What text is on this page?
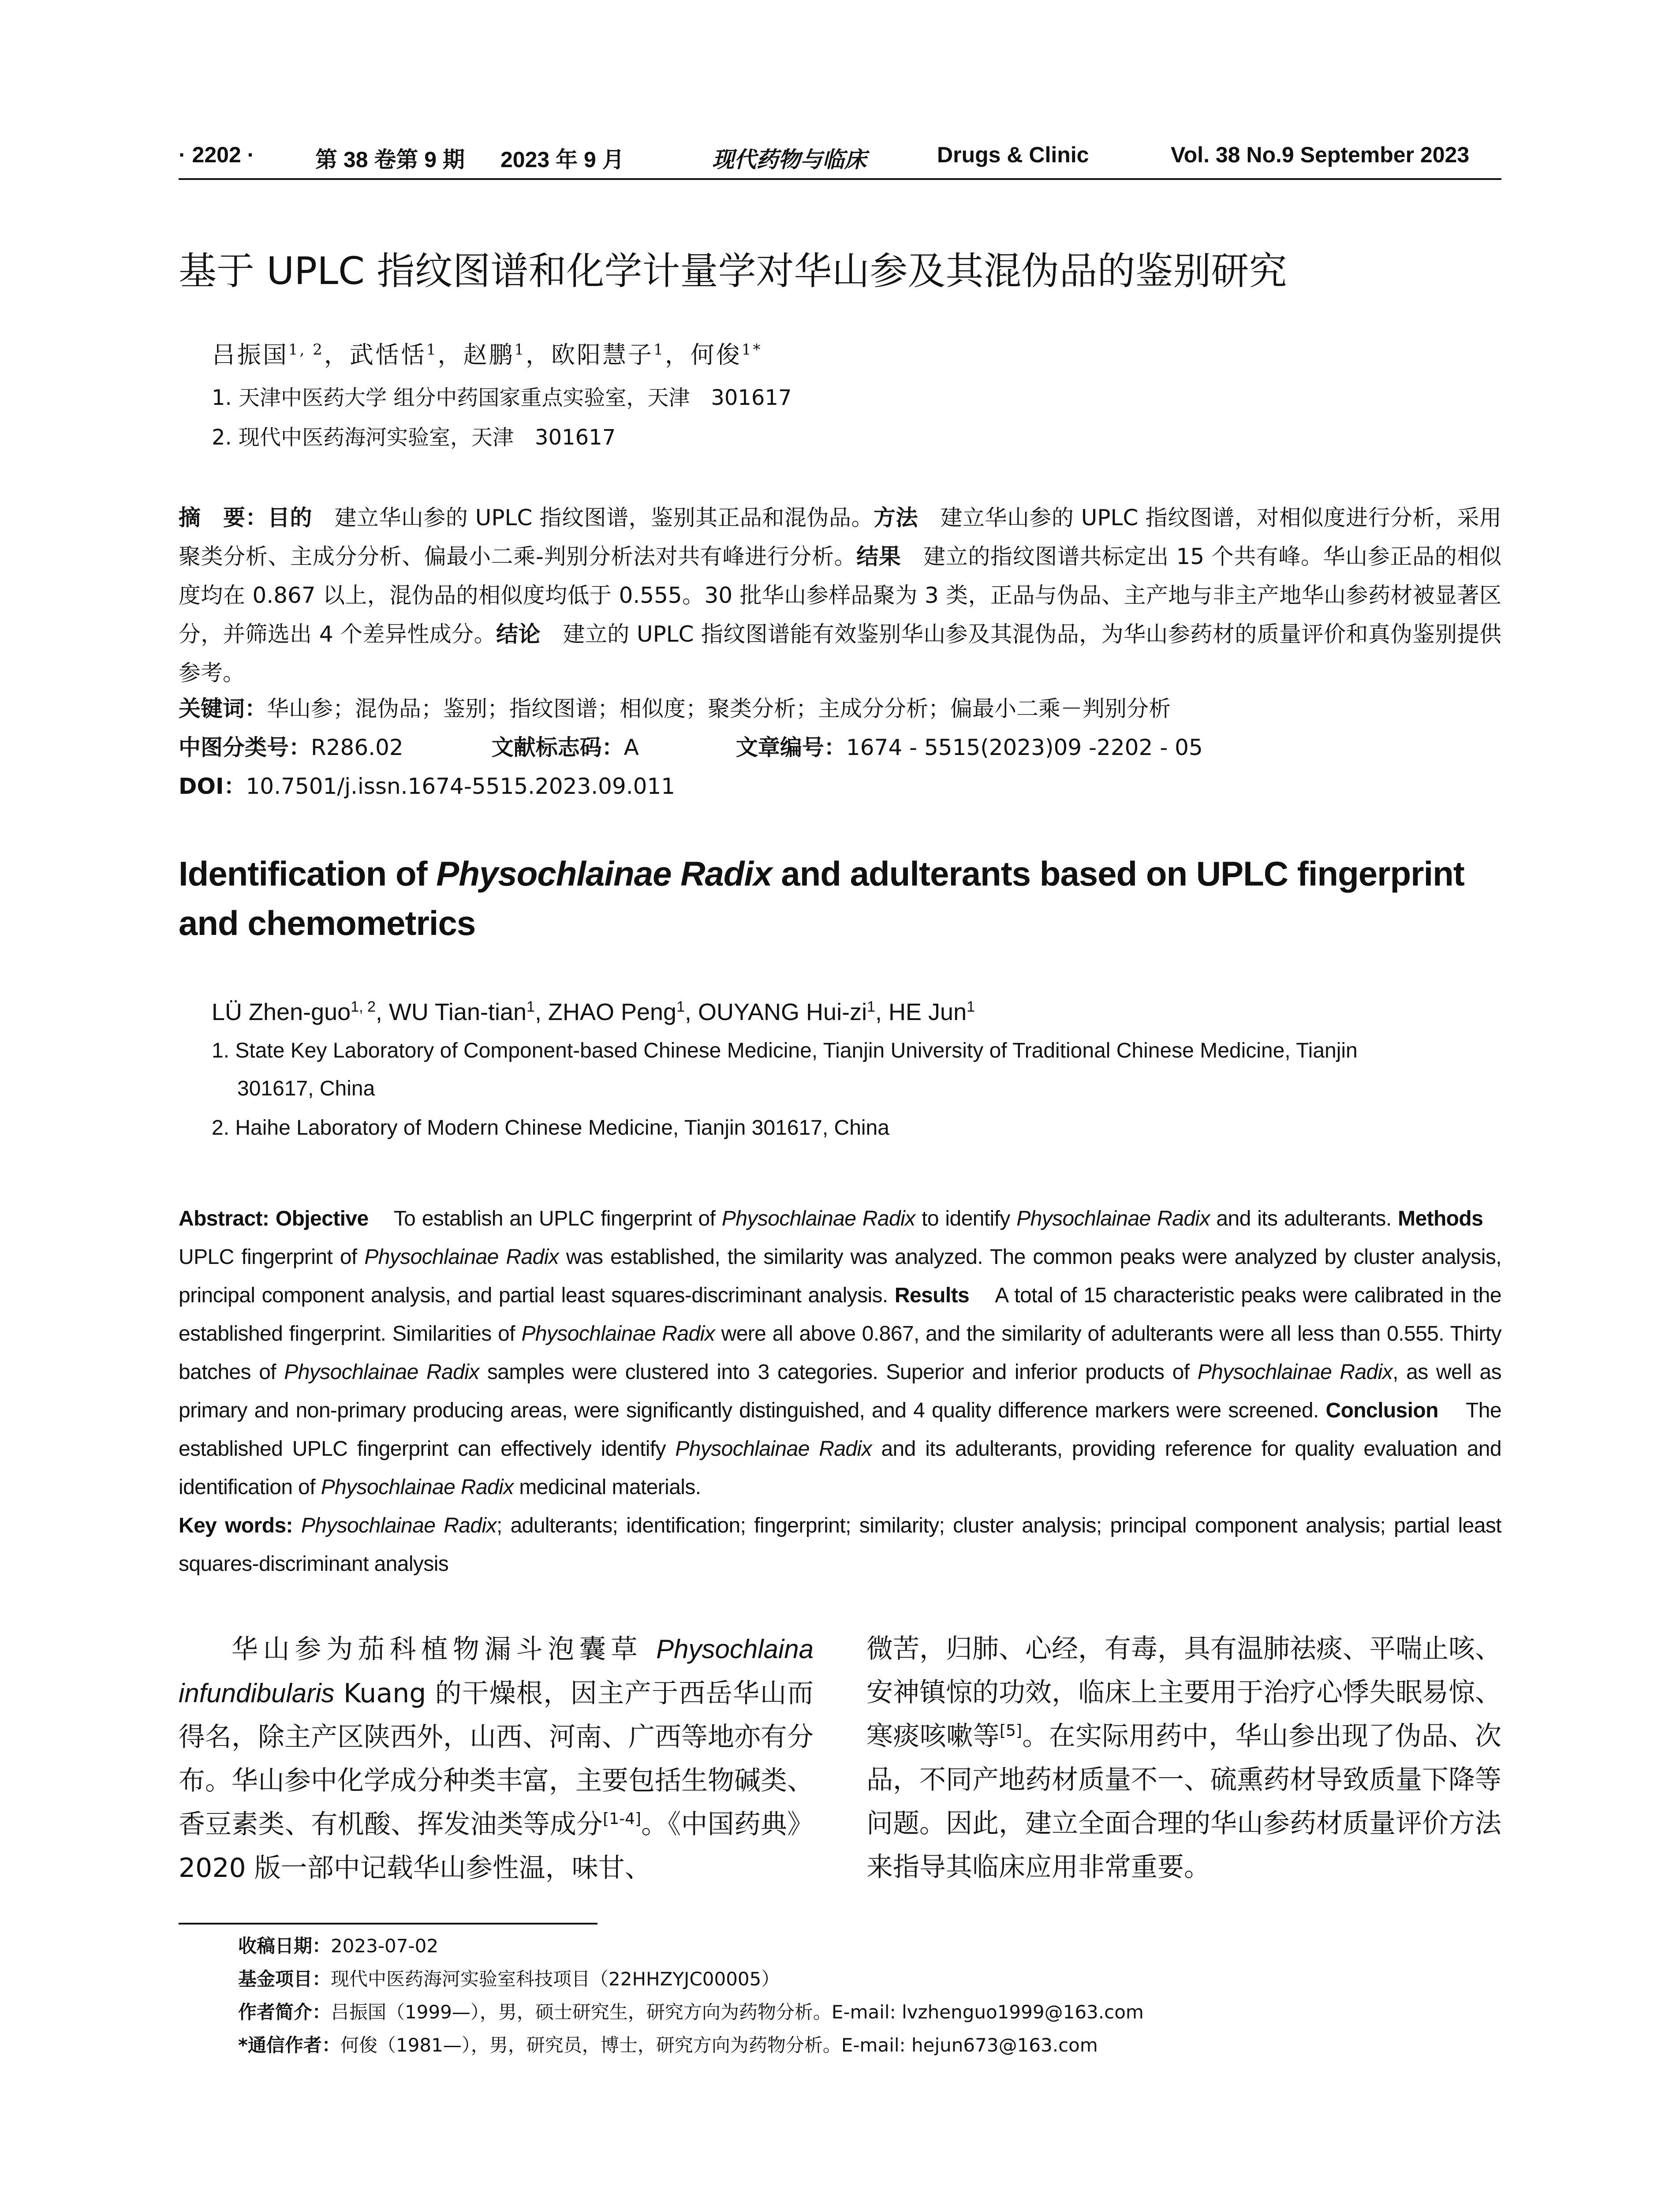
· 2202 ·	第 38 卷第 9 期 2023 年 9 月	现代药物与临床	Drugs & Clinic	Vol. 38 No.9 September 2023
基于 UPLC 指纹图谱和化学计量学对华山参及其混伪品的鉴别研究
吕振国$^{1, 2}$，武恬恬$^1$，赵鹏$^1$，欧阳慧子$^1$，何俊$^{1*}$
1. 天津中医药大学 组分中药国家重点实验室，天津　301617
2. 现代中医药海河实验室，天津　301617
摘　要：目的　建立华山参的 UPLC 指纹图谱，鉴别其正品和混伪品。方法　建立华山参的 UPLC 指纹图谱，对相似度进行分析，采用聚类分析、主成分分析、偏最小二乘-判别分析法对共有峰进行分析。结果　建立的指纹图谱共标定出 15 个共有峰。华山参正品的相似度均在 0.867 以上，混伪品的相似度均低于 0.555。30 批华山参样品聚为 3 类，正品与伪品、主产地与非主产地华山参药材被显著区分，并筛选出 4 个差异性成分。结论　建立的 UPLC 指纹图谱能有效鉴别华山参及其混伪品，为华山参药材的质量评价和真伪鉴别提供参考。
关键词：华山参；混伪品；鉴别；指纹图谱；相似度；聚类分析；主成分分析；偏最小二乘－判别分析
中图分类号：R286.02	文献标志码：A	文章编号：1674 - 5515(2023)09 -2202 - 05
DOI：10.7501/j.issn.1674-5515.2023.09.011
Identification of Physochlainae Radix and adulterants based on UPLC fingerprint and chemometrics
LÜ Zhen-guo$^{1, 2}$, WU Tian-tian$^1$, ZHAO Peng$^1$, OUYANG Hui-$zi^1$, HE Jun$^1$
1. State Key Laboratory of Component-based Chinese Medicine, Tianjin University of Traditional Chinese Medicine, Tianjin
301617, China
2. Haihe Laboratory of Modern Chinese Medicine, Tianjin 301617, China
Abstract: Objective To establish an UPLC fingerprint of Physochlainae Radix to identify Physochlainae Radix and its adulterants. Methods    UPLC fingerprint of Physochlainae Radix was established, the similarity was analyzed. The common peaks were analyzed by cluster analysis, principal component analysis, and partial least squares-discriminant analysis. Results A total of 15 characteristic peaks were calibrated in the established fingerprint. Similarities of Physochlainae Radix were all above 0.867, and the similarity of adulterants were all less than 0.555. Thirty batches of Physochlainae Radix samples were clustered into 3 categories. Superior and inferior products of Physochlainae Radix, as well as primary and non-primary producing areas, were significantly distinguished, and 4 quality difference markers were screened. Conclusion The established UPLC fingerprint can effectively identify Physochlainae Radix and its adulterants, providing reference for quality evaluation and identification of Physochlainae Radix medicinal materials.
Key words: Physochlainae Radix; adulterants; identification; fingerprint; similarity; cluster analysis; principal component analysis; partial least squares-discriminant analysis
华山参为茄科植物漏斗泡囊草 Physochlaina infundibularis Kuang 的干燥根，因主产于西岳华山而得名，除主产区陕西外，山西、河南、广西等地亦有分布。华山参中化学成分种类丰富，主要包括生物碱类、香豆素类、有机酸、挥发油类等成分[1-4]。《中国药典》2020 版一部中记载华山参性温，味甘、
微苦，归肺、心经，有毒，具有温肺祛痰、平喘止咳、安神镇惊的功效，临床上主要用于治疗心悸失眠易惊、寒痰咳嗽等[5]。在实际用药中，华山参出现了伪品、次品，不同产地药材质量不一、硫熏药材导致质量下降等问题。因此，建立全面合理的华山参药材质量评价方法来指导其临床应用非常重要。
收稿日期：2023-07-02
基金项目：现代中医药海河实验室科技项目（22HHZYJC00005）
作者简介：吕振国（1999—），男，硕士研究生，研究方向为药物分析。E-mail: lvzhenguo1999@163.com
*通信作者：何俊（1981—），男，研究员，博士，研究方向为药物分析。E-mail: hejun673@163.com
